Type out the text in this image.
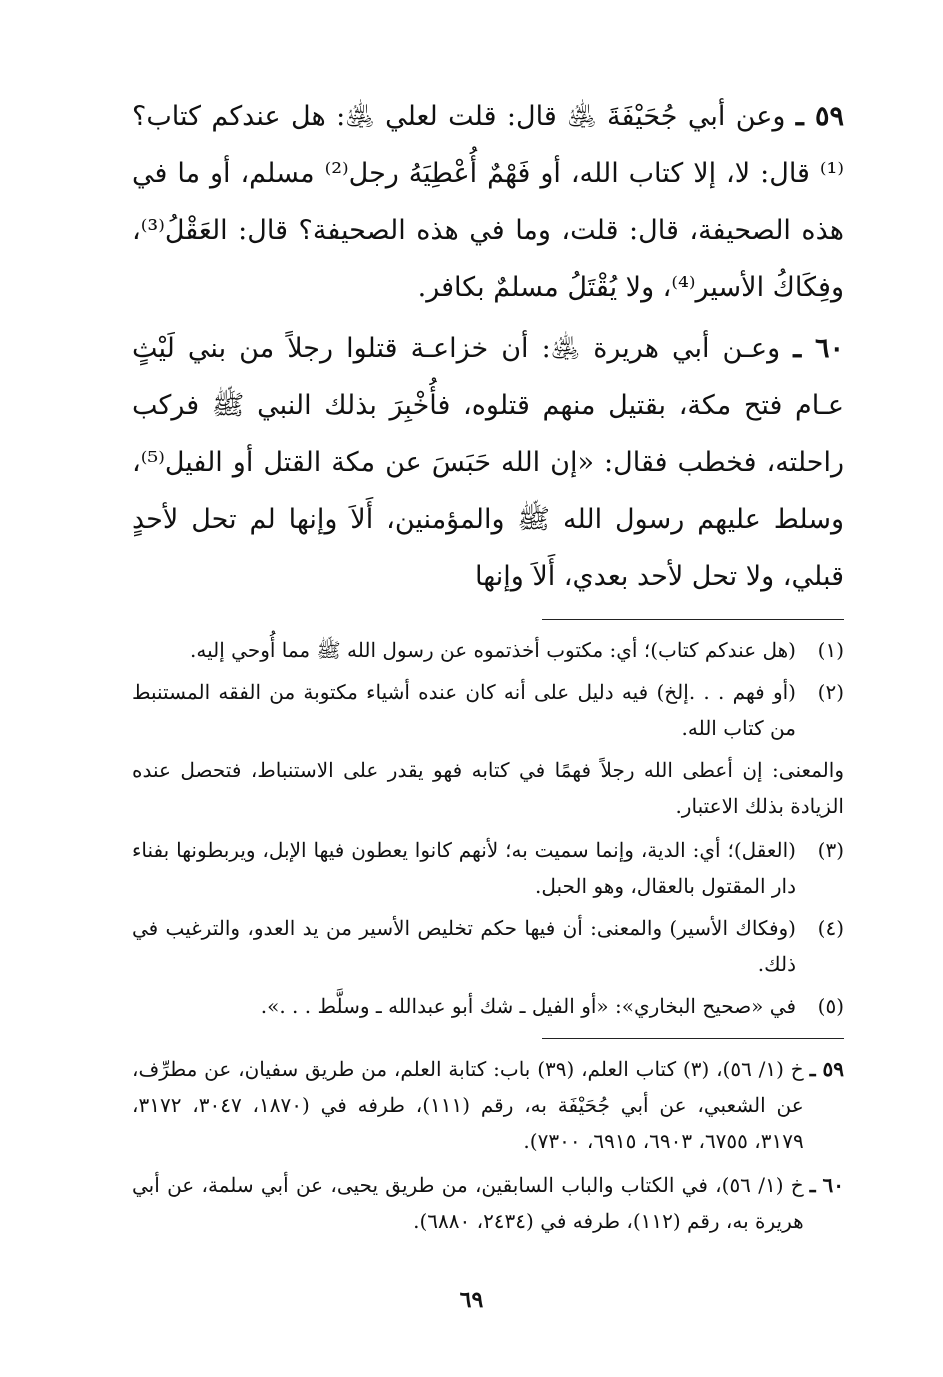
٥٩ ـ وعن أبي جُحَيْفَةَ ﵁ قال: قلت لعلي ﵁: هل عندكم كتاب؟⁽¹⁾ قال: لا، إلا كتاب الله، أو فَهْمٌ أُعْطِيَهُ رجل⁽²⁾ مسلم، أو ما في هذه الصحيفة، قال: قلت، وما في هذه الصحيفة؟ قال: العَقْلُ⁽³⁾، وفِكَاكُ الأسير⁽⁴⁾، ولا يُقْتَلُ مسلمٌ بكافر.

٦٠ ـ وعـن أبي هريرة ﵁: أن خزاعـة قتلوا رجلاً من بني لَيْثٍ عـام فتح مكة، بقتيل منهم قتلوه، فأُخْبِرَ بذلك النبي ﷺ فركب راحلته، فخطب فقال: «إن الله حَبَسَ عن مكة القتل أو الفيل⁽⁵⁾، وسلط عليهم رسول الله ﷺ والمؤمنين، أَلاَ وإنها لم تحل لأحدٍ قبلي، ولا تحل لأحد بعدي، أَلاَ وإنها

(١)
(هل عندكم كتاب)؛ أي: مكتوب أخذتموه عن رسول الله ﷺ مما أُوحي إليه.
(٢)
(أو فهم . . .إلخ) فيه دليل على أنه كان عنده أشياء مكتوبة من الفقه المستنبط من كتاب الله.
والمعنى: إن أعطى الله رجلاً فهمًا في كتابه فهو يقدر على الاستنباط، فتحصل عنده الزيادة بذلك الاعتبار.
(٣)
(العقل)؛ أي: الدية، وإنما سميت به؛ لأنهم كانوا يعطون فيها الإبل، ويربطونها بفناء دار المقتول بالعقال، وهو الحبل.
(٤)
(وفكاك الأسير) والمعنى: أن فيها حكم تخليص الأسير من يد العدو، والترغيب في ذلك.
(٥)
في «صحيح البخاري»: «أو الفيل ـ شك أبو عبدالله ـ وسلَّط . . .».
٥٩ ـ
خ (١/ ٥٦)، (٣) كتاب العلم، (٣٩) باب: كتابة العلم، من طريق سفيان، عن مطرِّف، عن الشعبي، عن أبي جُحَيْفَة به، رقم (١١١)، طرفه في (١٨٧٠، ٣٠٤٧، ٣١٧٢، ٣١٧٩، ٦٧٥٥، ٦٩٠٣، ٦٩١٥، ٧٣٠٠).
٦٠ ـ
خ (١/ ٥٦)، في الكتاب والباب السابقين، من طريق يحيى، عن أبي سلمة، عن أبي هريرة به، رقم (١١٢)، طرفه في (٢٤٣٤، ٦٨٨٠).
٦٩
